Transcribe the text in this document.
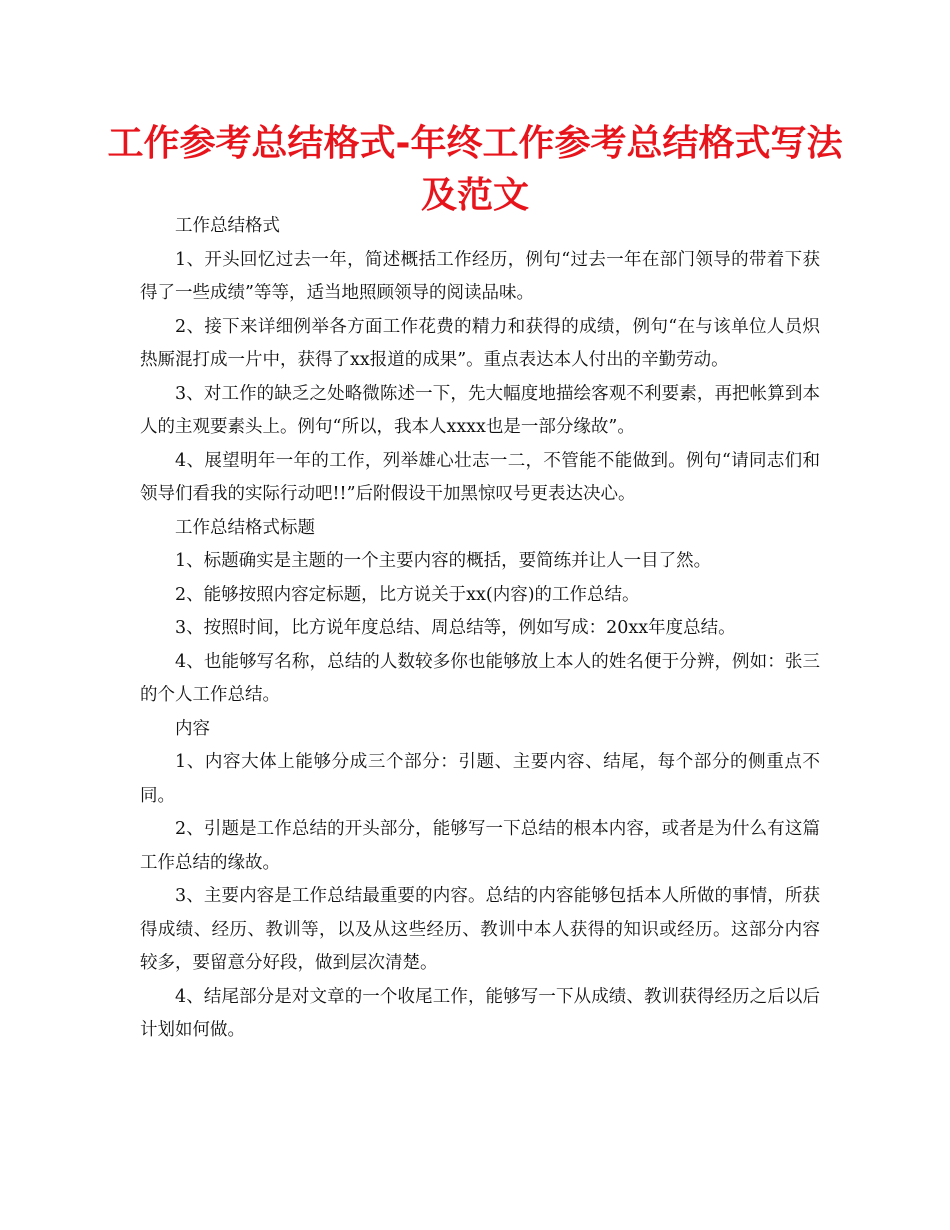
工作参考总结格式-年终工作参考总结格式写法及范文

工作总结格式

1、开头回忆过去一年，简述概括工作经历，例句“过去一年在部门领导的带着下获得了一些成绩”等等，适当地照顾领导的阅读品味。

2、接下来详细例举各方面工作花费的精力和获得的成绩，例句“在与该单位人员炽热厮混打成一片中，获得了xx报道的成果”。重点表达本人付出的辛勤劳动。

3、对工作的缺乏之处略微陈述一下，先大幅度地描绘客观不利要素，再把帐算到本人的主观要素头上。例句“所以，我本人xxxx也是一部分缘故”。

4、展望明年一年的工作，列举雄心壮志一二，不管能不能做到。例句“请同志们和领导们看我的实际行动吧!!”后附假设干加黑惊叹号更表达决心。

工作总结格式标题

1、标题确实是主题的一个主要内容的概括，要简练并让人一目了然。

2、能够按照内容定标题，比方说关于xx(内容)的工作总结。

3、按照时间，比方说年度总结、周总结等，例如写成：20xx年度总结。

4、也能够写名称，总结的人数较多你也能够放上本人的姓名便于分辨，例如：张三的个人工作总结。

内容

1、内容大体上能够分成三个部分：引题、主要内容、结尾，每个部分的侧重点不同。

2、引题是工作总结的开头部分，能够写一下总结的根本内容，或者是为什么有这篇工作总结的缘故。

3、主要内容是工作总结最重要的内容。总结的内容能够包括本人所做的事情，所获得成绩、经历、教训等，以及从这些经历、教训中本人获得的知识或经历。这部分内容较多，要留意分好段，做到层次清楚。

4、结尾部分是对文章的一个收尾工作，能够写一下从成绩、教训获得经历之后以后计划如何做。
